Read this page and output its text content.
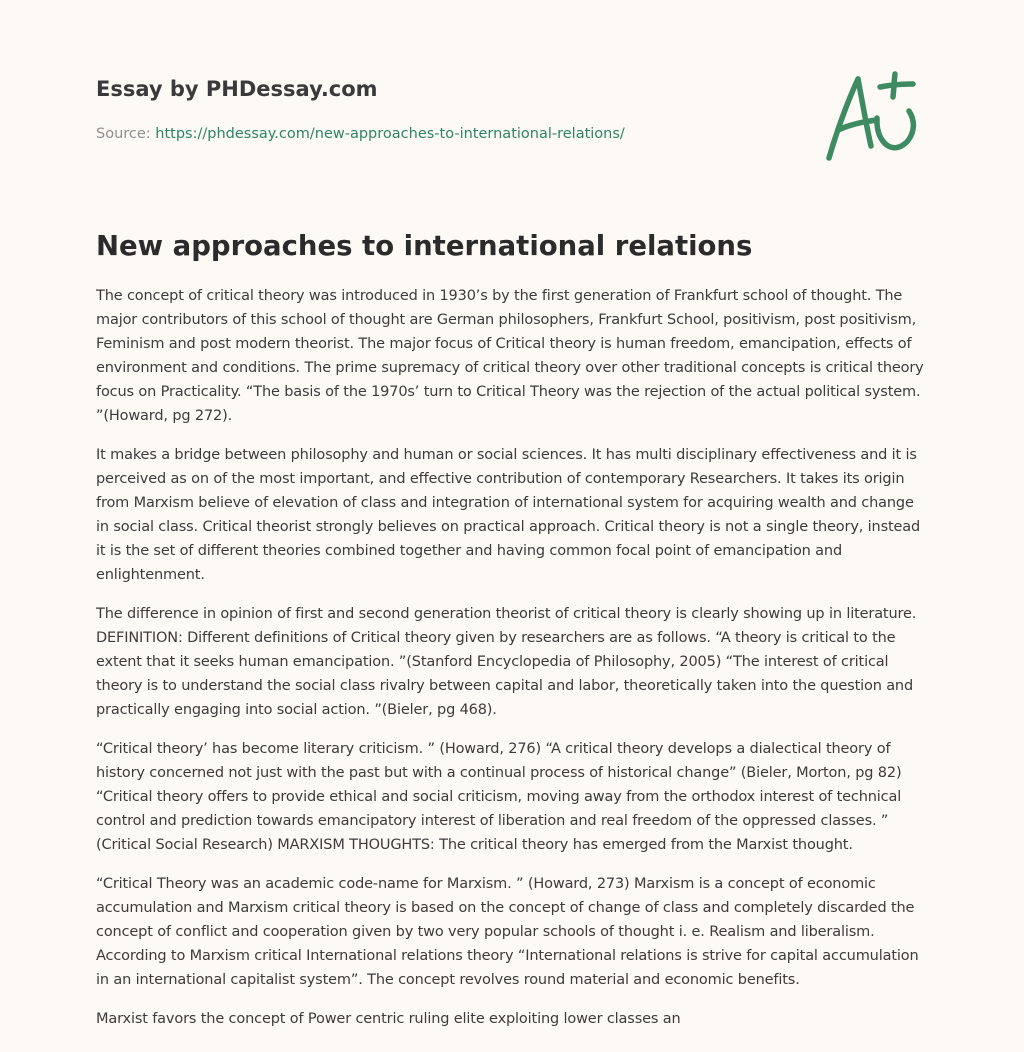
Essay by PHDessay.com
Source: https://phdessay.com/new-approaches-to-international-relations/
New approaches to international relations

The concept of critical theory was introduced in 1930’s by the first generation of Frankfurt school of thought. The major contributors of this school of thought are German philosophers, Frankfurt School, positivism, post positivism, Feminism and post modern theorist. The major focus of Critical theory is human freedom, emancipation, effects of environment and conditions. The prime supremacy of critical theory over other traditional concepts is critical theory focus on Practicality. “The basis of the 1970s’ turn to Critical Theory was the rejection of the actual political system. ”(Howard, pg 272).

It makes a bridge between philosophy and human or social sciences. It has multi disciplinary effectiveness and it is perceived as on of the most important, and effective contribution of contemporary Researchers. It takes its origin from Marxism believe of elevation of class and integration of international system for acquiring wealth and change in social class. Critical theorist strongly believes on practical approach. Critical theory is not a single theory, instead it is the set of different theories combined together and having common focal point of emancipation and enlightenment.

The difference in opinion of first and second generation theorist of critical theory is clearly showing up in literature. DEFINITION: Different definitions of Critical theory given by researchers are as follows. “A theory is critical to the extent that it seeks human emancipation. ”(Stanford Encyclopedia of Philosophy, 2005) “The interest of critical theory is to understand the social class rivalry between capital and labor, theoretically taken into the question and practically engaging into social action. ”(Bieler, pg 468).

“Critical theory’ has become literary criticism. ” (Howard, 276) “A critical theory develops a dialectical theory of history concerned not just with the past but with a continual process of historical change” (Bieler, Morton, pg 82) “Critical theory offers to provide ethical and social criticism, moving away from the orthodox interest of technical control and prediction towards emancipatory interest of liberation and real freedom of the oppressed classes. ” (Critical Social Research) MARXISM THOUGHTS: The critical theory has emerged from the Marxist thought.

“Critical Theory was an academic code-name for Marxism. ” (Howard, 273) Marxism is a concept of economic accumulation and Marxism critical theory is based on the concept of change of class and completely discarded the concept of conflict and cooperation given by two very popular schools of thought i. e. Realism and liberalism. According to Marxism critical International relations theory “International relations is strive for capital accumulation in an international capitalist system”. The concept revolves round material and economic benefits.

Marxist favors the concept of Power centric ruling elite exploiting lower classes an
